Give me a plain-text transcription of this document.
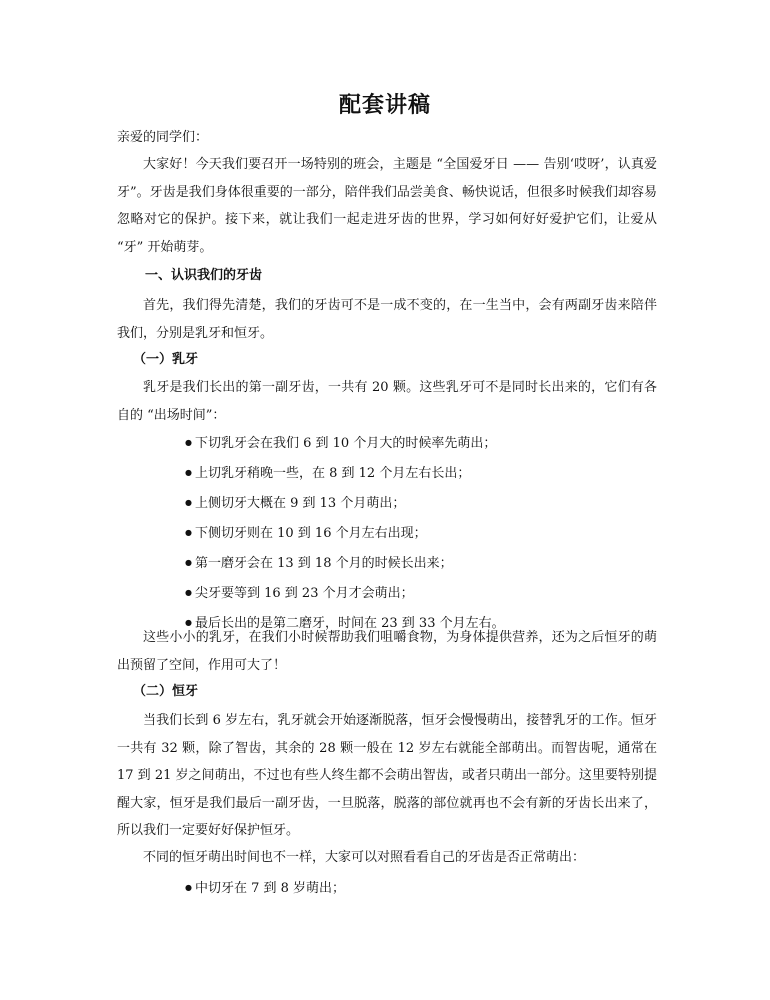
配套讲稿
亲爱的同学们：
大家好！今天我们要召开一场特别的班会，主题是 “全国爱牙日 —— 告别‘哎呀’，认真爱牙”。牙齿是我们身体很重要的一部分，陪伴我们品尝美食、畅快说话，但很多时候我们却容易忽略对它的保护。接下来，就让我们一起走进牙齿的世界，学习如何好好爱护它们，让爱从 “牙” 开始萌芽。
一、认识我们的牙齿
首先，我们得先清楚，我们的牙齿可不是一成不变的，在一生当中，会有两副牙齿来陪伴我们，分别是乳牙和恒牙。
（一）乳牙
乳牙是我们长出的第一副牙齿，一共有 20 颗。这些乳牙可不是同时长出来的，它们有各自的 “出场时间”：
● 下切乳牙会在我们 6 到 10 个月大的时候率先萌出；
● 上切乳牙稍晚一些，在 8 到 12 个月左右长出；
● 上侧切牙大概在 9 到 13 个月萌出；
● 下侧切牙则在 10 到 16 个月左右出现；
● 第一磨牙会在 13 到 18 个月的时候长出来；
● 尖牙要等到 16 到 23 个月才会萌出；
● 最后长出的是第二磨牙，时间在 23 到 33 个月左右。
这些小小的乳牙，在我们小时候帮助我们咀嚼食物，为身体提供营养，还为之后恒牙的萌出预留了空间，作用可大了！
（二）恒牙
当我们长到 6 岁左右，乳牙就会开始逐渐脱落，恒牙会慢慢萌出，接替乳牙的工作。恒牙一共有 32 颗，除了智齿，其余的 28 颗一般在 12 岁左右就能全部萌出。而智齿呢，通常在 17 到 21 岁之间萌出，不过也有些人终生都不会萌出智齿，或者只萌出一部分。这里要特别提醒大家，恒牙是我们最后一副牙齿，一旦脱落，脱落的部位就再也不会有新的牙齿长出来了，所以我们一定要好好保护恒牙。
不同的恒牙萌出时间也不一样，大家可以对照看看自己的牙齿是否正常萌出：
● 中切牙在 7 到 8 岁萌出；
